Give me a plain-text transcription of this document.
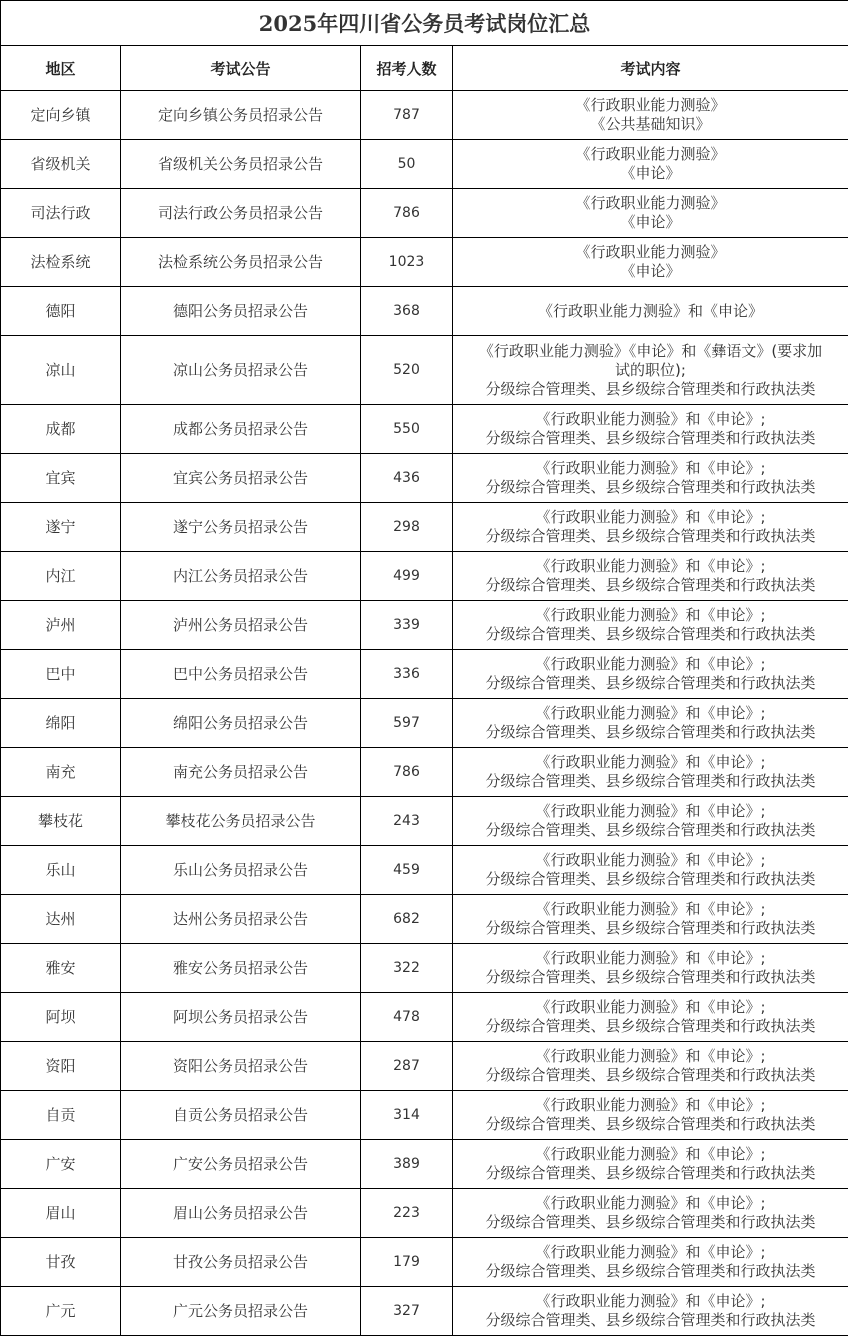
2025年四川省公务员考试岗位汇总			
地区	考试公告	招考人数	考试内容
定向乡镇	定向乡镇公务员招录公告	787	《行政职业能力测验》
《公共基础知识》

省级机关	省级机关公务员招录公告	50	《行政职业能力测验》
《申论》

司法行政	司法行政公务员招录公告	786	《行政职业能力测验》
《申论》

法检系统	法检系统公务员招录公告	1023	《行政职业能力测验》
《申论》

德阳	德阳公务员招录公告	368	《行政职业能力测验》和《申论》

凉山	凉山公务员招录公告	520	《行政职业能力测验》《申论》和《彝语文》(要求加
试的职位);
分级综合管理类、县乡级综合管理类和行政执法类

成都	成都公务员招录公告	550	《行政职业能力测验》和《申论》;
分级综合管理类、县乡级综合管理类和行政执法类

宜宾	宜宾公务员招录公告	436	《行政职业能力测验》和《申论》;
分级综合管理类、县乡级综合管理类和行政执法类

遂宁	遂宁公务员招录公告	298	《行政职业能力测验》和《申论》;
分级综合管理类、县乡级综合管理类和行政执法类

内江	内江公务员招录公告	499	《行政职业能力测验》和《申论》;
分级综合管理类、县乡级综合管理类和行政执法类

泸州	泸州公务员招录公告	339	《行政职业能力测验》和《申论》;
分级综合管理类、县乡级综合管理类和行政执法类

巴中	巴中公务员招录公告	336	《行政职业能力测验》和《申论》;
分级综合管理类、县乡级综合管理类和行政执法类

绵阳	绵阳公务员招录公告	597	《行政职业能力测验》和《申论》;
分级综合管理类、县乡级综合管理类和行政执法类

南充	南充公务员招录公告	786	《行政职业能力测验》和《申论》;
分级综合管理类、县乡级综合管理类和行政执法类

攀枝花	攀枝花公务员招录公告	243	《行政职业能力测验》和《申论》;
分级综合管理类、县乡级综合管理类和行政执法类

乐山	乐山公务员招录公告	459	《行政职业能力测验》和《申论》;
分级综合管理类、县乡级综合管理类和行政执法类

达州	达州公务员招录公告	682	《行政职业能力测验》和《申论》;
分级综合管理类、县乡级综合管理类和行政执法类

雅安	雅安公务员招录公告	322	《行政职业能力测验》和《申论》;
分级综合管理类、县乡级综合管理类和行政执法类

阿坝	阿坝公务员招录公告	478	《行政职业能力测验》和《申论》;
分级综合管理类、县乡级综合管理类和行政执法类

资阳	资阳公务员招录公告	287	《行政职业能力测验》和《申论》;
分级综合管理类、县乡级综合管理类和行政执法类

自贡	自贡公务员招录公告	314	《行政职业能力测验》和《申论》;
分级综合管理类、县乡级综合管理类和行政执法类

广安	广安公务员招录公告	389	《行政职业能力测验》和《申论》;
分级综合管理类、县乡级综合管理类和行政执法类

眉山	眉山公务员招录公告	223	《行政职业能力测验》和《申论》;
分级综合管理类、县乡级综合管理类和行政执法类

甘孜	甘孜公务员招录公告	179	《行政职业能力测验》和《申论》;
分级综合管理类、县乡级综合管理类和行政执法类

广元	广元公务员招录公告	327	《行政职业能力测验》和《申论》;
分级综合管理类、县乡级综合管理类和行政执法类
